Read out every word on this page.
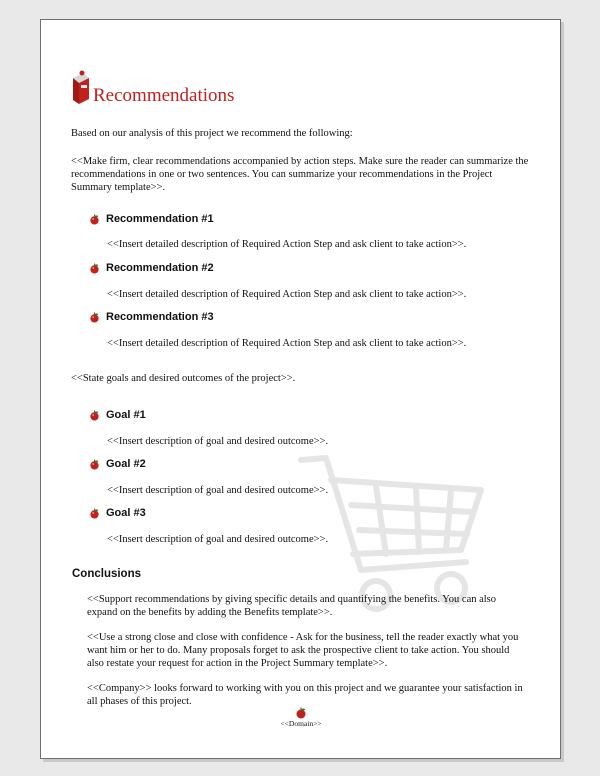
Recommendations

Based on our analysis of this project we recommend the following:

<<Make firm, clear recommendations accompanied by action steps. Make sure the reader can summarize the recommendations in one or two sentences. You can summarize your recommendations in the Project Summary template>>.

Recommendation #1

<<Insert detailed description of Required Action Step and ask client to take action>>.

Recommendation #2

<<Insert detailed description of Required Action Step and ask client to take action>>.

Recommendation #3

<<Insert detailed description of Required Action Step and ask client to take action>>.

<<State goals and desired outcomes of the project>>.

Goal #1

<<Insert description of goal and desired outcome>>.

Goal #2

<<Insert description of goal and desired outcome>>.

Goal #3

<<Insert description of goal and desired outcome>>.

Conclusions

<<Support recommendations by giving specific details and quantifying the benefits. You can also expand on the benefits by adding the Benefits template>>.

<<Use a strong close and close with confidence - Ask for the business, tell the reader exactly what you want him or her to do. Many proposals forget to ask the prospective client to take action. You should also restate your request for action in the Project Summary template>>.

<<Company>> looks forward to working with you on this project and we guarantee your satisfaction in all phases of this project.

<<Domain>>
